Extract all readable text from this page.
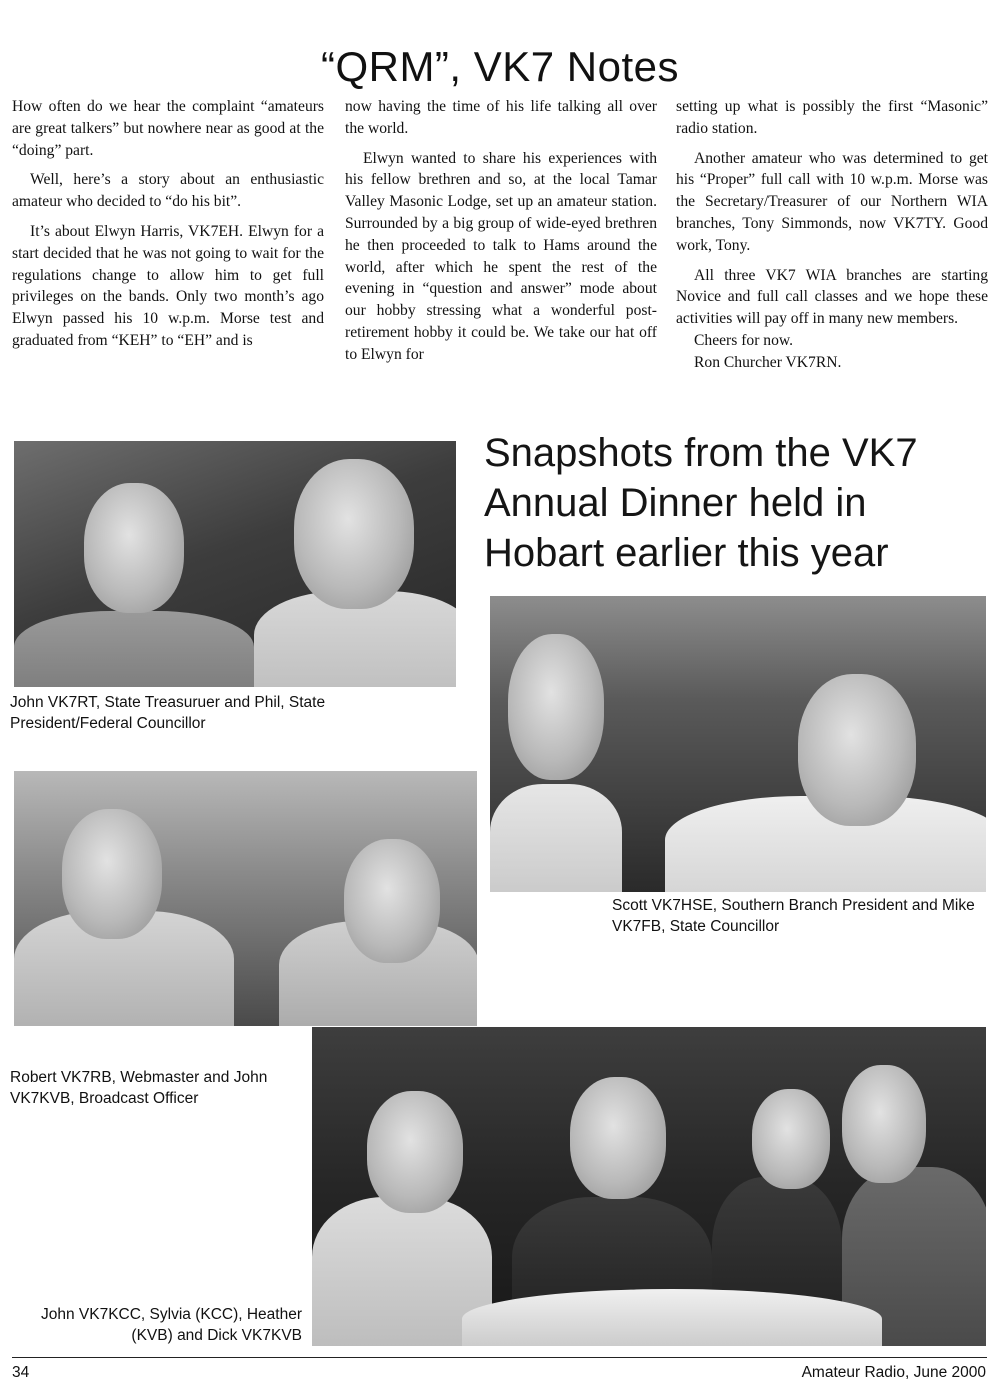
“QRM”, VK7 Notes

How often do we hear the complaint “amateurs are great talkers” but nowhere near as good at the “doing” part.

Well, here’s a story about an enthusiastic amateur who decided to “do his bit”.

It’s about Elwyn Harris, VK7EH. Elwyn for a start decided that he was not going to wait for the regulations change to allow him to get full privileges on the bands. Only two month’s ago Elwyn passed his 10 w.p.m. Morse test and graduated from “KEH” to “EH” and is

now having the time of his life talking all over the world.

Elwyn wanted to share his experiences with his fellow brethren and so, at the local Tamar Valley Masonic Lodge, set up an amateur station. Surrounded by a big group of wide-eyed brethren he then proceeded to talk to Hams around the world, after which he spent the rest of the evening in “question and answer” mode about our hobby stressing what a wonderful post-retirement hobby it could be. We take our hat off to Elwyn for

setting up what is possibly the first “Masonic” radio station.

Another amateur who was determined to get his “Proper” full call with 10 w.p.m. Morse was the Secretary/Treasurer of our Northern WIA branches, Tony Simmonds, now VK7TY. Good work, Tony.

All three VK7 WIA branches are starting Novice and full call classes and we hope these activities will pay off in many new members.

Cheers for now.

Ron Churcher VK7RN.

John VK7RT, State Treasuruer and Phil, State President/Federal Councillor
Snapshots from the VK7 Annual Dinner held in Hobart earlier this year
Scott VK7HSE, Southern Branch President and Mike VK7FB, State Councillor
Robert VK7RB, Webmaster and John VK7KVB, Broadcast Officer
John VK7KCC, Sylvia (KCC), Heather (KVB) and Dick VK7KVB
34	Amateur Radio, June 2000
